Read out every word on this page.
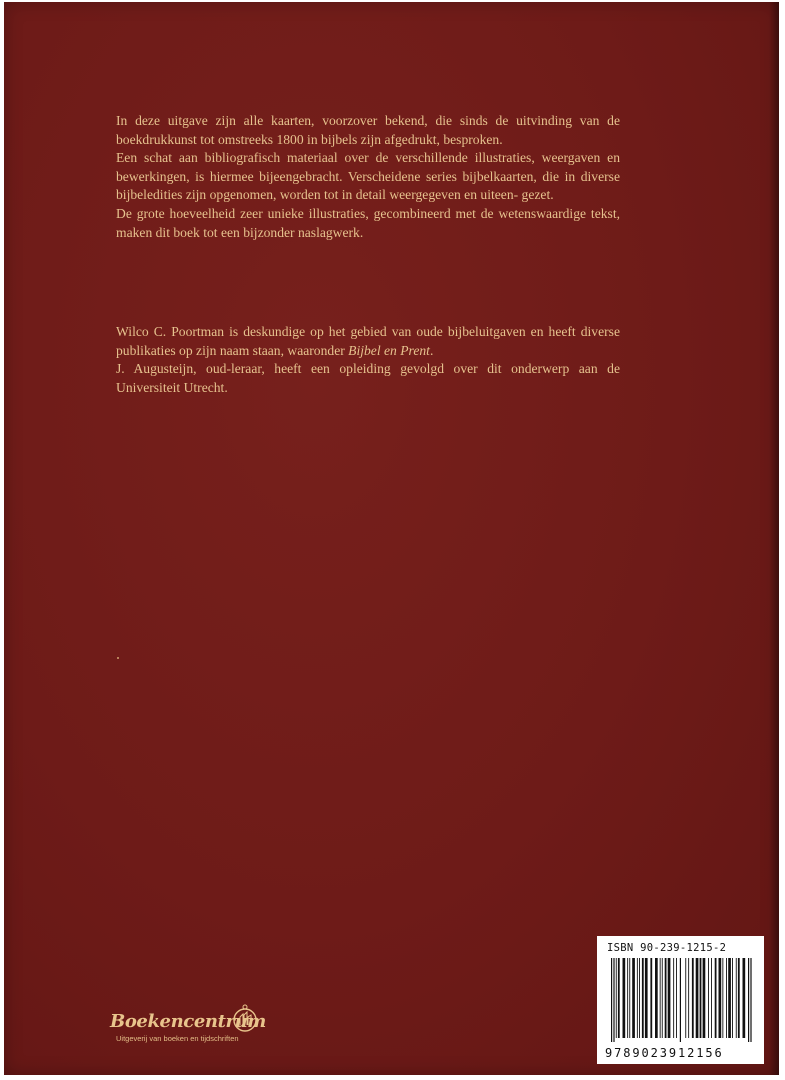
In deze uitgave zijn alle kaarten, voorzover bekend, die sinds de uitvinding van de boekdrukkunst tot omstreeks 1800 in bijbels zijn afgedrukt, besproken.

Een schat aan bibliografisch materiaal over de verschillende illustraties, weergaven en bewerkingen, is hiermee bijeengebracht. Verscheidene series bijbelkaarten, die in diverse bijbeledities zijn opgenomen, worden tot in detail weergegeven en uiteen- gezet.

De grote hoeveelheid zeer unieke illustraties, gecombineerd met de wetenswaardige tekst, maken dit boek tot een bijzonder naslagwerk.

Wilco C. Poortman is deskundige op het gebied van oude bijbeluitgaven en heeft diverse publikaties op zijn naam staan, waaronder Bijbel en Prent.

J. Augusteijn, oud-leraar, heeft een opleiding gevolgd over dit onderwerp aan de Universiteit Utrecht.

Boekencentrum
Uitgeverij van boeken en tijdschriften
ISBN 90-239-1215-2
9789023912156
